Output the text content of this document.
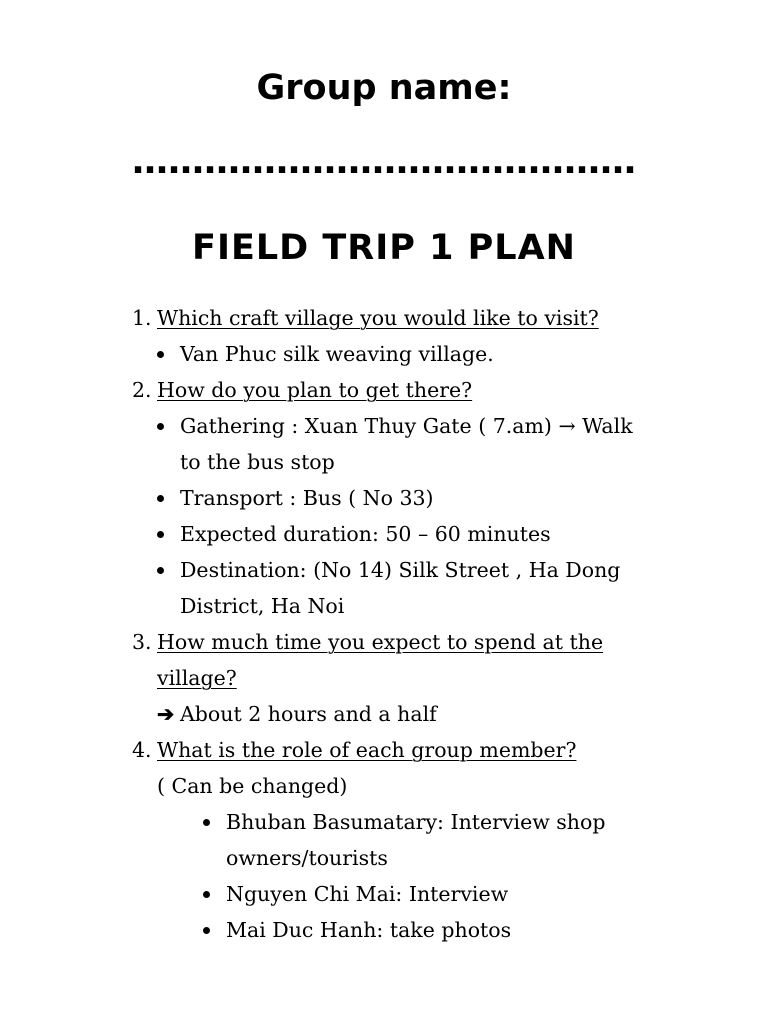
Group name:
……………………………………
FIELD TRIP 1 PLAN
1. Which craft village you would like to visit?
Van Phuc silk weaving village.
2. How do you plan to get there?
Gathering : Xuan Thuy Gate ( 7.am) → Walk
to the bus stop
Transport : Bus ( No 33)
Expected duration: 50 – 60 minutes
Destination: (No 14) Silk Street , Ha Dong
District, Ha Noi
3. How much time you expect to spend at the
village?
➔ About 2 hours and a half
4. What is the role of each group member?
( Can be changed)
Bhuban Basumatary: Interview shop
owners/tourists
Nguyen Chi Mai: Interview
Mai Duc Hanh: take photos
